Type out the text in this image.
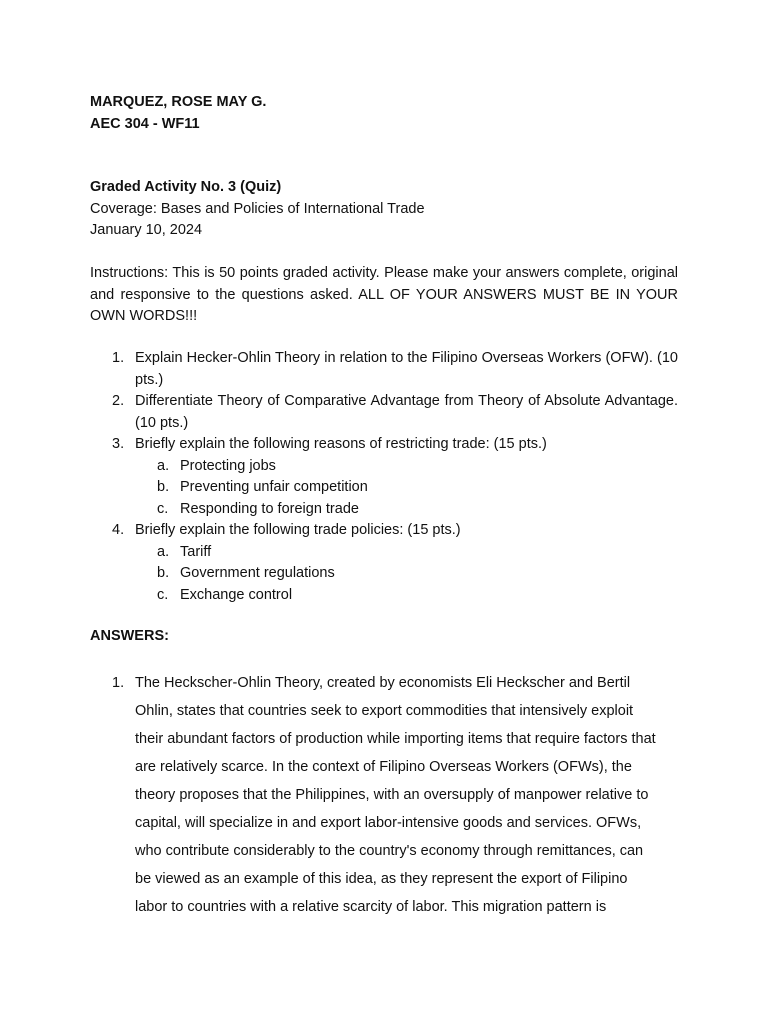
MARQUEZ, ROSE MAY G.
AEC 304 - WF11
Graded Activity No. 3 (Quiz)
Coverage: Bases and Policies of International Trade
January 10, 2024
Instructions: This is 50 points graded activity. Please make your answers complete, original and responsive to the questions asked. ALL OF YOUR ANSWERS MUST BE IN YOUR OWN WORDS!!!
1. Explain Hecker-Ohlin Theory in relation to the Filipino Overseas Workers (OFW). (10 pts.)
2. Differentiate Theory of Comparative Advantage from Theory of Absolute Advantage. (10 pts.)
3. Briefly explain the following reasons of restricting trade: (15 pts.)
a. Protecting jobs
b. Preventing unfair competition
c. Responding to foreign trade
4. Briefly explain the following trade policies: (15 pts.)
a. Tariff
b. Government regulations
c. Exchange control
ANSWERS:
1. The Heckscher-Ohlin Theory, created by economists Eli Heckscher and Bertil
Ohlin, states that countries seek to export commodities that intensively exploit
their abundant factors of production while importing items that require factors that
are relatively scarce. In the context of Filipino Overseas Workers (OFWs), the
theory proposes that the Philippines, with an oversupply of manpower relative to
capital, will specialize in and export labor-intensive goods and services. OFWs,
who contribute considerably to the country's economy through remittances, can
be viewed as an example of this idea, as they represent the export of Filipino
labor to countries with a relative scarcity of labor. This migration pattern is
